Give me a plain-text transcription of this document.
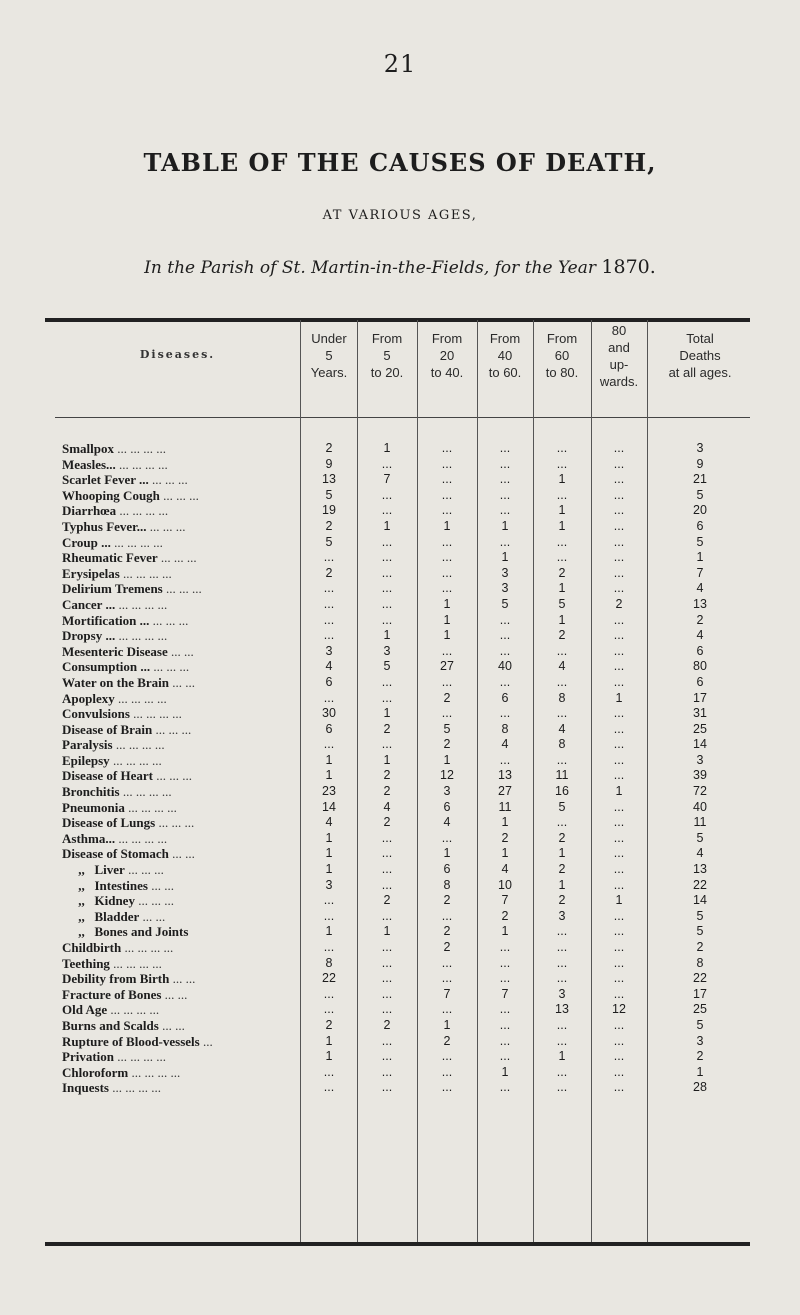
21
TABLE OF THE CAUSES OF DEATH,
AT VARIOUS AGES,
In the Parish of St. Martin-in-the-Fields, for the Year 1870.
Diseases.
Under
5
Years.
From
5
to 20.
From
20
to 40.
From
40
to 60.
From
60
to 80.
80
and
up-
wards.
Total
Deaths
at all ages.
Smallpox ... ... ... ...	2	1	...	...	...	...	3
Measles... ... ... ... ...	9	...	...	...	...	...	9
Scarlet Fever ... ... ... ...	13	7	...	...	1	...	21
Whooping Cough ... ... ...	5	...	...	...	...	...	5
Diarrhœa ... ... ... ...	19	...	...	...	1	...	20
Typhus Fever... ... ... ...	2	1	1	1	1	...	6
Croup ... ... ... ... ...	5	...	...	...	...	...	5
Rheumatic Fever ... ... ...	...	...	...	1	...	...	1
Erysipelas ... ... ... ...	2	...	...	3	2	...	7
Delirium Tremens ... ... ...	...	...	...	3	1	...	4
Cancer ... ... ... ... ...	...	...	1	5	5	2	13
Mortification ... ... ... ...	...	...	1	...	1	...	2
Dropsy ... ... ... ... ...	...	1	1	...	2	...	4
Mesenteric Disease ... ...	3	3	...	...	...	...	6
Consumption ... ... ... ...	4	5	27	40	4	...	80
Water on the Brain ... ...	6	...	...	...	...	...	6
Apoplexy ... ... ... ...	...	...	2	6	8	1	17
Convulsions ... ... ... ...	30	1	...	...	...	...	31
Disease of Brain ... ... ...	6	2	5	8	4	...	25
Paralysis ... ... ... ...	...	...	2	4	8	...	14
Epilepsy ... ... ... ...	1	1	1	...	...	...	3
Disease of Heart ... ... ...	1	2	12	13	11	...	39
Bronchitis ... ... ... ...	23	2	3	27	16	1	72
Pneumonia ... ... ... ...	14	4	6	11	5	...	40
Disease of Lungs ... ... ...	4	2	4	1	...	...	11
Asthma... ... ... ... ...	1	...	...	2	2	...	5
Disease of Stomach ... ...	1	...	1	1	1	...	4
,,   Liver ... ... ...	1	...	6	4	2	...	13
,,   Intestines ... ...	3	...	8	10	1	...	22
,,   Kidney ... ... ...	...	2	2	7	2	1	14
,,   Bladder ... ...	...	...	...	2	3	...	5
,,   Bones and Joints	1	1	2	1	...	...	5
Childbirth ... ... ... ...	...	...	2	...	...	...	2
Teething ... ... ... ...	8	...	...	...	...	...	8
Debility from Birth ... ...	22	...	...	...	...	...	22
Fracture of Bones ... ...	...	...	7	7	3	...	17
Old Age ... ... ... ...	...	...	...	...	13	12	25
Burns and Scalds ... ...	2	2	1	...	...	...	5
Rupture of Blood-vessels ...	1	...	2	...	...	...	3
Privation ... ... ... ...	1	...	...	...	1	...	2
Chloroform ... ... ... ...	...	...	...	1	...	...	1
Inquests ... ... ... ...	...	...	...	...	...	...	28
